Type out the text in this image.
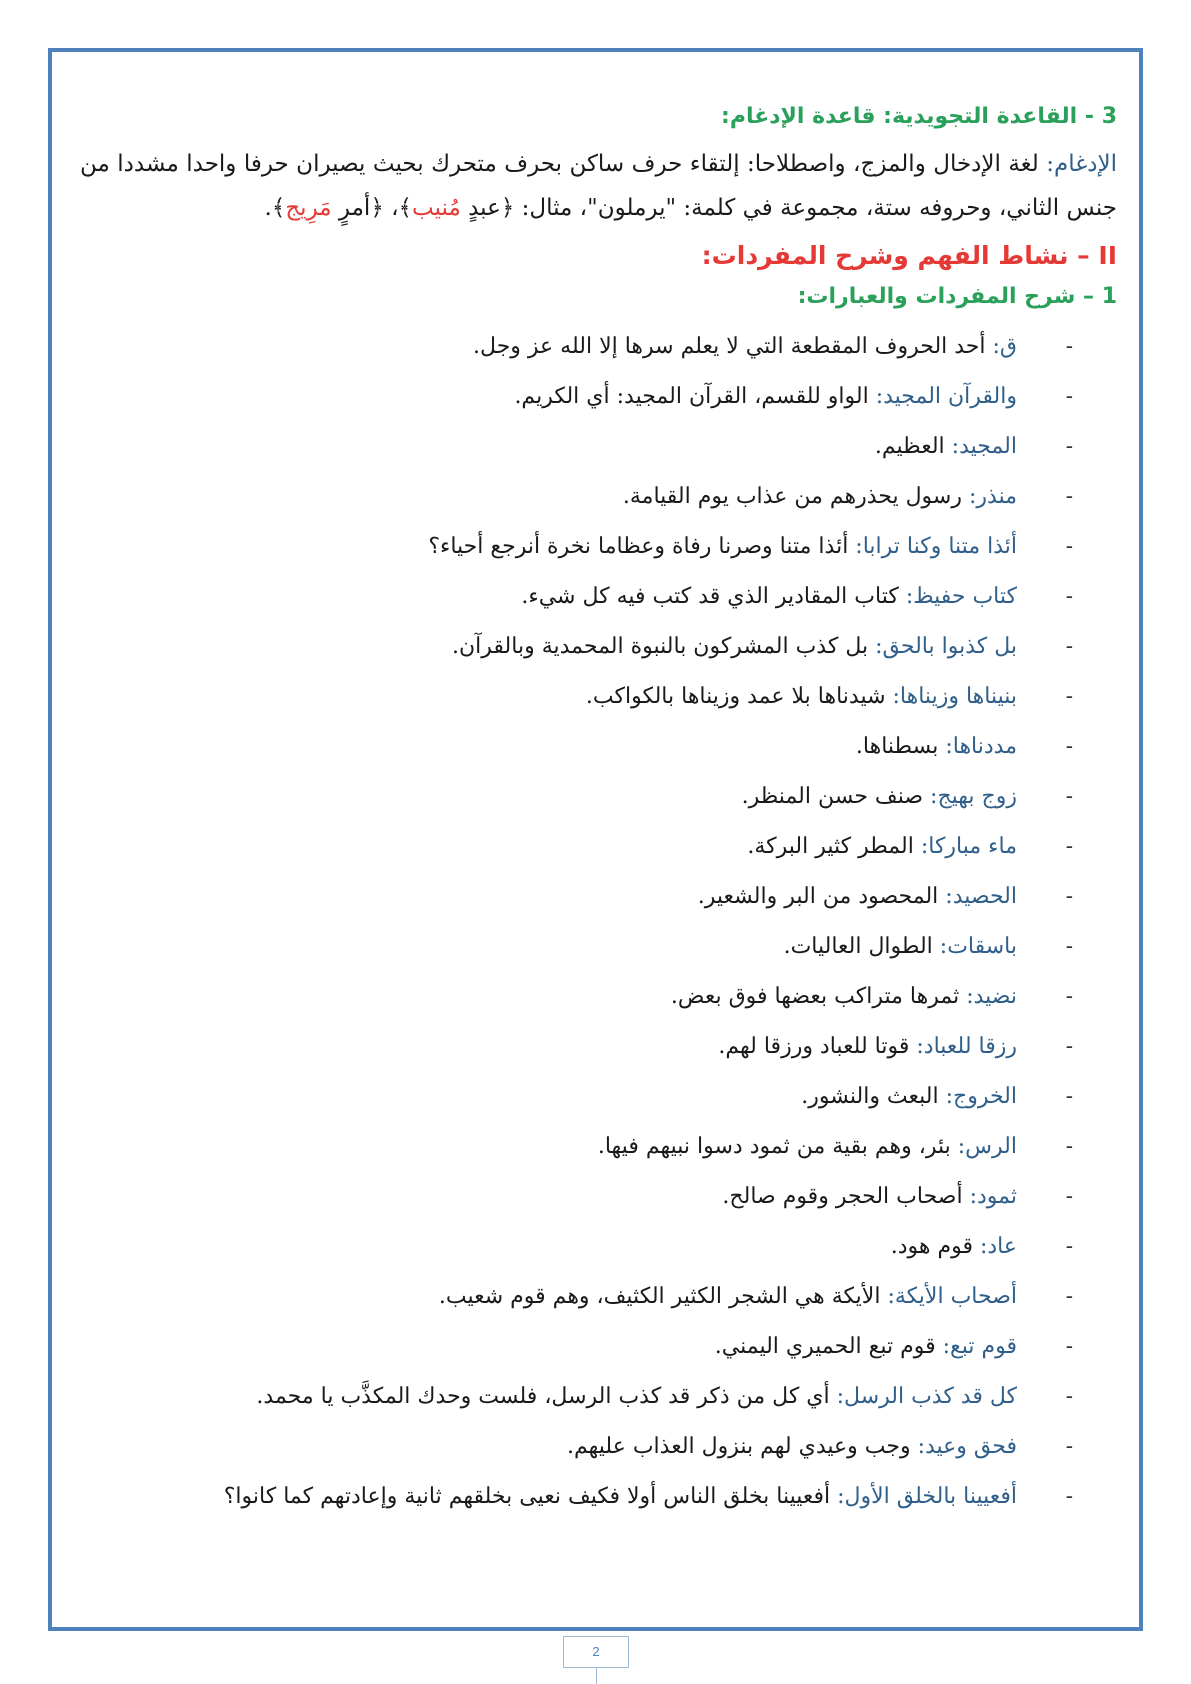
3 - القاعدة التجويدية: قاعدة الإدغام:

الإدغام: لغة الإدخال والمزج، واصطلاحا: إلتقاء حرف ساكن بحرف متحرك بحيث يصيران حرفا واحدا مشددا من جنس الثاني، وحروفه ستة، مجموعة في كلمة: "يرملون"، مثال: ﴿عبدٍ مُنيب﴾، ﴿أمرٍ مَرِيج﴾.

II – نشاط الفهم وشرح المفردات:
1 – شرح المفردات والعبارات:
-
ق: أحد الحروف المقطعة التي لا يعلم سرها إلا الله عز وجل.
-
والقرآن المجيد: الواو للقسم، القرآن المجيد: أي الكريم.
-
المجيد: العظيم.
-
منذر: رسول يحذرهم من عذاب يوم القيامة.
-
أئذا متنا وكنا ترابا: أئذا متنا وصرنا رفاة وعظاما نخرة أنرجع أحياء؟
-
كتاب حفيظ: كتاب المقادير الذي قد كتب فيه كل شيء.
-
بل كذبوا بالحق: بل كذب المشركون بالنبوة المحمدية وبالقرآن.
-
بنيناها وزيناها: شيدناها بلا عمد وزيناها بالكواكب.
-
مددناها: بسطناها.
-
زوج بهيج: صنف حسن المنظر.
-
ماء مباركا: المطر كثير البركة.
-
الحصيد: المحصود من البر والشعير.
-
باسقات: الطوال العاليات.
-
نضيد: ثمرها متراكب بعضها فوق بعض.
-
رزقا للعباد: قوتا للعباد ورزقا لهم.
-
الخروج: البعث والنشور.
-
الرس: بئر، وهم بقية من ثمود دسوا نبيهم فيها.
-
ثمود: أصحاب الحجر وقوم صالح.
-
عاد: قوم هود.
-
أصحاب الأيكة: الأيكة هي الشجر الكثير الكثيف، وهم قوم شعيب.
-
قوم تبع: قوم تبع الحميري اليمني.
-
كل قد كذب الرسل: أي كل من ذكر قد كذب الرسل، فلست وحدك المكذَّب يا محمد.
-
فحق وعيد: وجب وعيدي لهم بنزول العذاب عليهم.
-
أفعيينا بالخلق الأول: أفعيينا بخلق الناس أولا فكيف نعيى بخلقهم ثانية وإعادتهم كما كانوا؟
2
